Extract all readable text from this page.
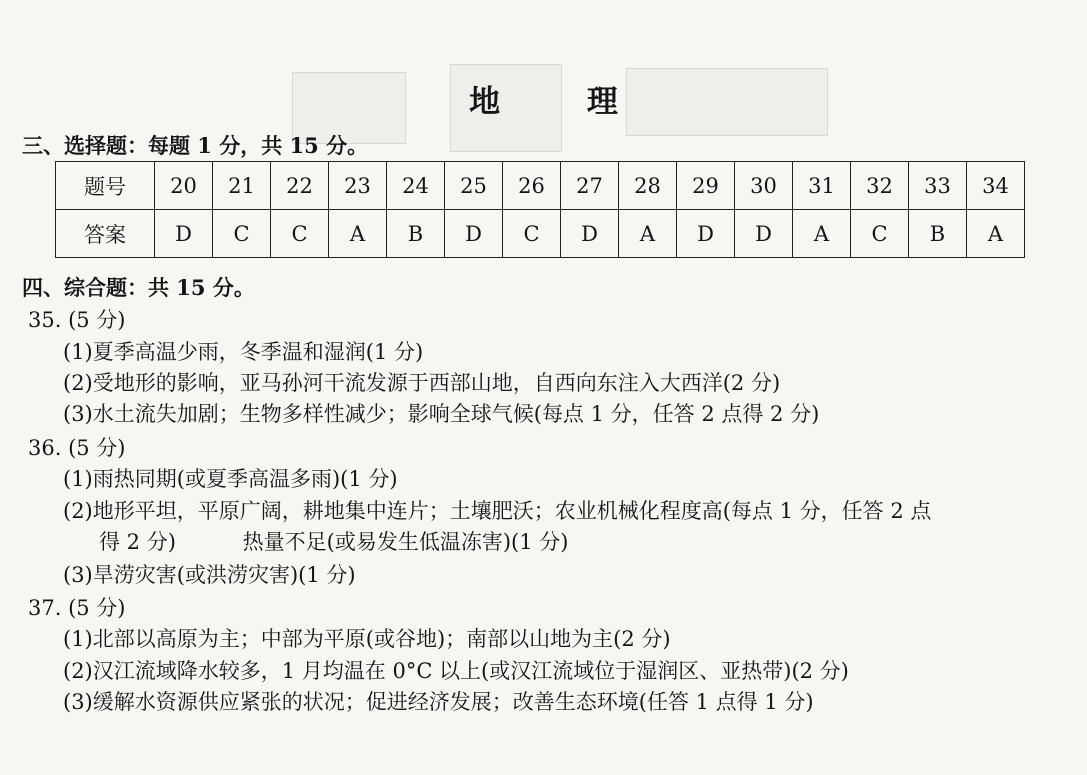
地 理
三、选择题：每题 1 分，共 15 分。
题号	20	21	22	23	24	25	26	27	28	29	30	31	32	33	34
答案	D	C	C	A	B	D	C	D	A	D	D	A	C	B	A
四、综合题：共 15 分。
35. (5 分)
(1)夏季高温少雨，冬季温和湿润(1 分)
(2)受地形的影响，亚马孙河干流发源于西部山地，自西向东注入大西洋(2 分)
(3)水土流失加剧；生物多样性减少；影响全球气候(每点 1 分，任答 2 点得 2 分)
36. (5 分)
(1)雨热同期(或夏季高温多雨)(1 分)
(2)地形平坦，平原广阔，耕地集中连片；土壤肥沃；农业机械化程度高(每点 1 分，任答 2 点
得 2 分)          热量不足(或易发生低温冻害)(1 分)
(3)旱涝灾害(或洪涝灾害)(1 分)
37. (5 分)
(1)北部以高原为主；中部为平原(或谷地)；南部以山地为主(2 分)
(2)汉江流域降水较多，1 月均温在 0°C 以上(或汉江流域位于湿润区、亚热带)(2 分)
(3)缓解水资源供应紧张的状况；促进经济发展；改善生态环境(任答 1 点得 1 分)
